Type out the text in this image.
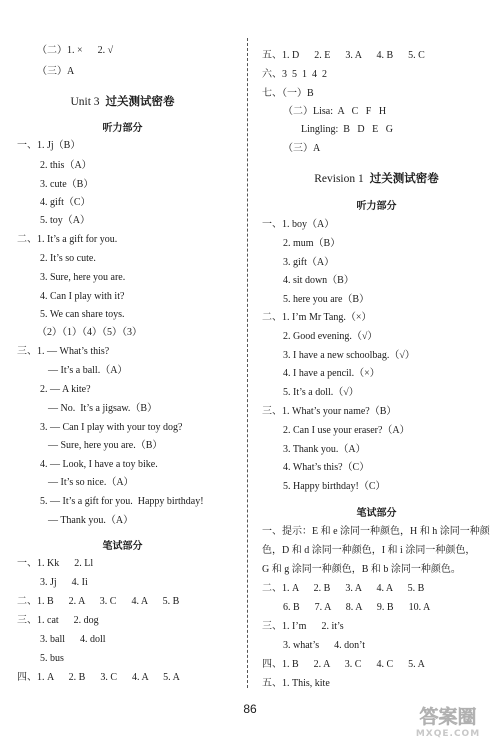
（二）1. ×      2. √
（三）A
Unit 3 过关测试密卷
听力部分
一、1. Jj（B）
2. this（A）
3. cute（B）
4. gift（C）
5. toy（A）
二、1. It’s a gift for you.
2. It’s so cute.
3. Sure, here you are.
4. Can I play with it?
5. We can share toys.
（2）（1）（4）（5）（3）
三、1. — What’s this?
— It’s a ball.（A）
2. — A kite?
— No.  It’s a jigsaw.（B）
3. — Can I play with your toy dog?
— Sure, here you are.（B）
4. — Look, I have a toy bike.
— It’s so nice.（A）
5. — It’s a gift for you.  Happy birthday!
— Thank you.（A）
笔试部分
一、1. Kk      2. Ll
3. Jj      4. Ii
二、1. B      2. A      3. C      4. A      5. B
三、1. cat      2. dog
3. ball      4. doll
5. bus
四、1. A      2. B      3. C      4. A      5. A
五、1. D      2. E      3. A      4. B      5. C
六、3  5  1  4  2
七、（一）B
（二）Lisa:  A   C   F   H
Lingling:  B   D   E   G
（三）A
Revision 1 过关测试密卷
听力部分
一、1. boy（A）
2. mum（B）
3. gift（A）
4. sit down（B）
5. here you are（B）
二、1. I’m Mr Tang.（×）
2. Good evening.（√）
3. I have a new schoolbag.（√）
4. I have a pencil.（×）
5. It’s a doll.（√）
三、1. What’s your name?（B）
2. Can I use your eraser?（A）
3. Thank you.（A）
4. What’s this?（C）
5. Happy birthday!（C）
笔试部分
一、提示：E 和 e 涂同一种颜色，H 和 h 涂同一种颜
色，D 和 d 涂同一种颜色，I 和 i 涂同一种颜色，
G 和 g 涂同一种颜色，B 和 b 涂同一种颜色。
二、1. A      2. B      3. A      4. A      5. B
6. B      7. A      8. A      9. B      10. A
三、1. I’m      2. it’s
3. what’s      4. don’t
四、1. B      2. A      3. C      4. C      5. A
五、1. This, kite
86	答案圈
MXQE.COM
